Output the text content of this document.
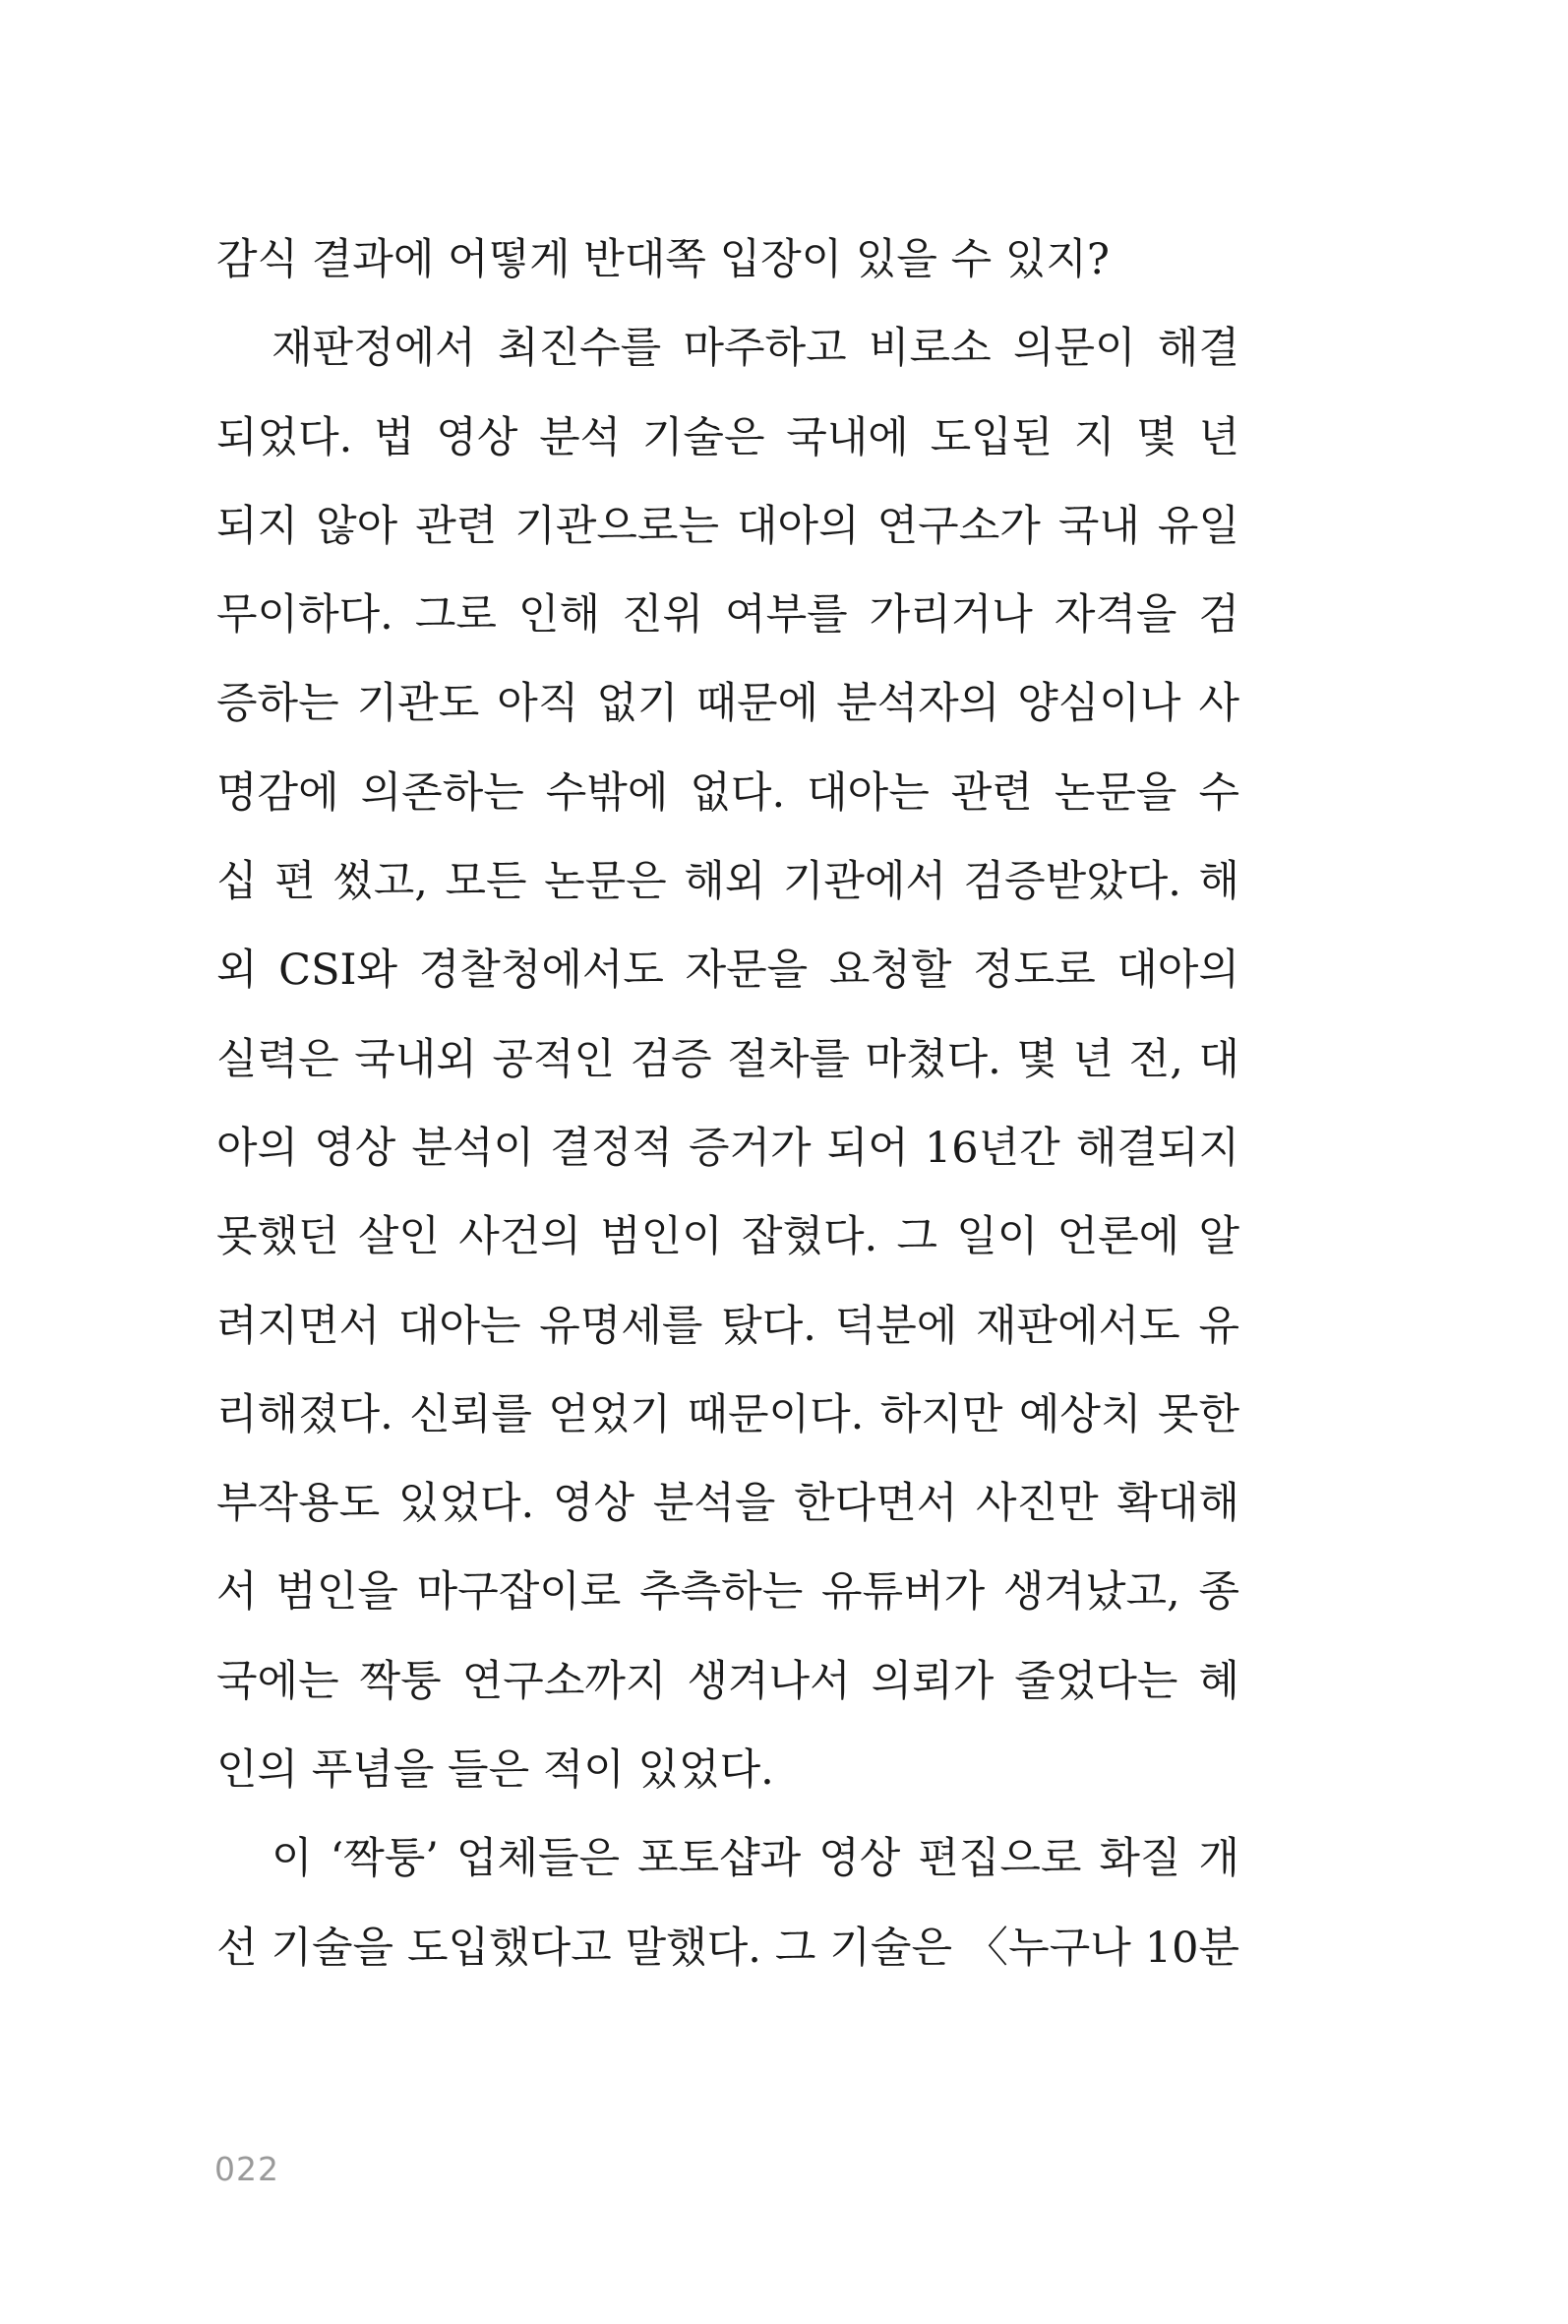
감식 결과에 어떻게 반대쪽 입장이 있을 수 있지?
재판정에서 최진수를 마주하고 비로소 의문이 해결
되었다. 법 영상 분석 기술은 국내에 도입된 지 몇 년
되지 않아 관련 기관으로는 대아의 연구소가 국내 유일
무이하다. 그로 인해 진위 여부를 가리거나 자격을 검
증하는 기관도 아직 없기 때문에 분석자의 양심이나 사
명감에 의존하는 수밖에 없다. 대아는 관련 논문을 수
십 편 썼고, 모든 논문은 해외 기관에서 검증받았다. 해
외 CSI와 경찰청에서도 자문을 요청할 정도로 대아의
실력은 국내외 공적인 검증 절차를 마쳤다. 몇 년 전, 대
아의 영상 분석이 결정적 증거가 되어 16년간 해결되지
못했던 살인 사건의 범인이 잡혔다. 그 일이 언론에 알
려지면서 대아는 유명세를 탔다. 덕분에 재판에서도 유
리해졌다. 신뢰를 얻었기 때문이다. 하지만 예상치 못한
부작용도 있었다. 영상 분석을 한다면서 사진만 확대해
서 범인을 마구잡이로 추측하는 유튜버가 생겨났고, 종
국에는 짝퉁 연구소까지 생겨나서 의뢰가 줄었다는 혜
인의 푸념을 들은 적이 있었다.
이 ‘짝퉁’ 업체들은 포토샵과 영상 편집으로 화질 개
선 기술을 도입했다고 말했다. 그 기술은 〈누구나 10분
022
